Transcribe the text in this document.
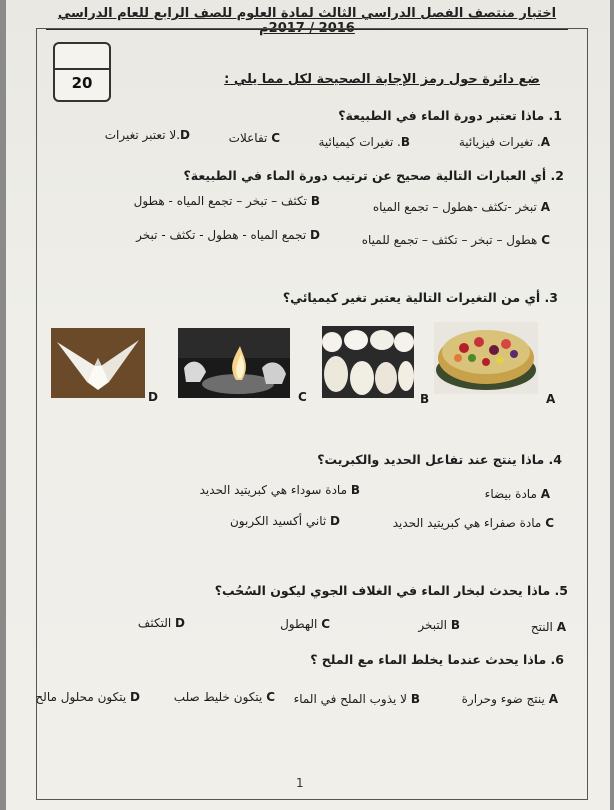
اختبار منتصف الفصل الدراسي الثالث لمادة العلوم للصف الرابع للعام الدراسي 2016 / 2017م
20	ضع دائرة حول رمز الإجابة الصحيحة لكل مما يلي :
1. ماذا تعتبر دورة الماء في الطبيعة؟
A. تغيرات فيزيائية
B. تغيرات كيميائية
C تفاعلات
D.لا تعتبر تغيرات
2. أي العبارات التالية صحيح عن ترتيب دورة الماء في الطبيعة؟
A تبخر -تكثف -هطول – تجمع المياه
B تكثف – تبخر – تجمع المياه - هطول
C هطول – تبخر – تكثف – تجمع للمياه
D تجمع المياه - هطول - تكثف - تبخر
3. أي من التغيرات التالية يعتبر تغير كيميائي؟
A
B
C
D
4. ماذا ينتج عند تفاعل الحديد والكبريت؟
A مادة بيضاء
B مادة سوداء هي كبريتيد الحديد
C مادة صفراء هي كبريتيد الحديد
D ثاني أكسيد الكربون
5. ماذا يحدث لبخار الماء في الغلاف الجوي ليكون السُحُب؟
A النتح
B التبخر
C الهطول
D التكثف
6. ماذا يحدث عندما يخلط الماء مع الملح ؟
A ينتج ضوء وحرارة
B لا يذوب الملح في الماء
C يتكون خليط صلب
D يتكون محلول مالح
1
